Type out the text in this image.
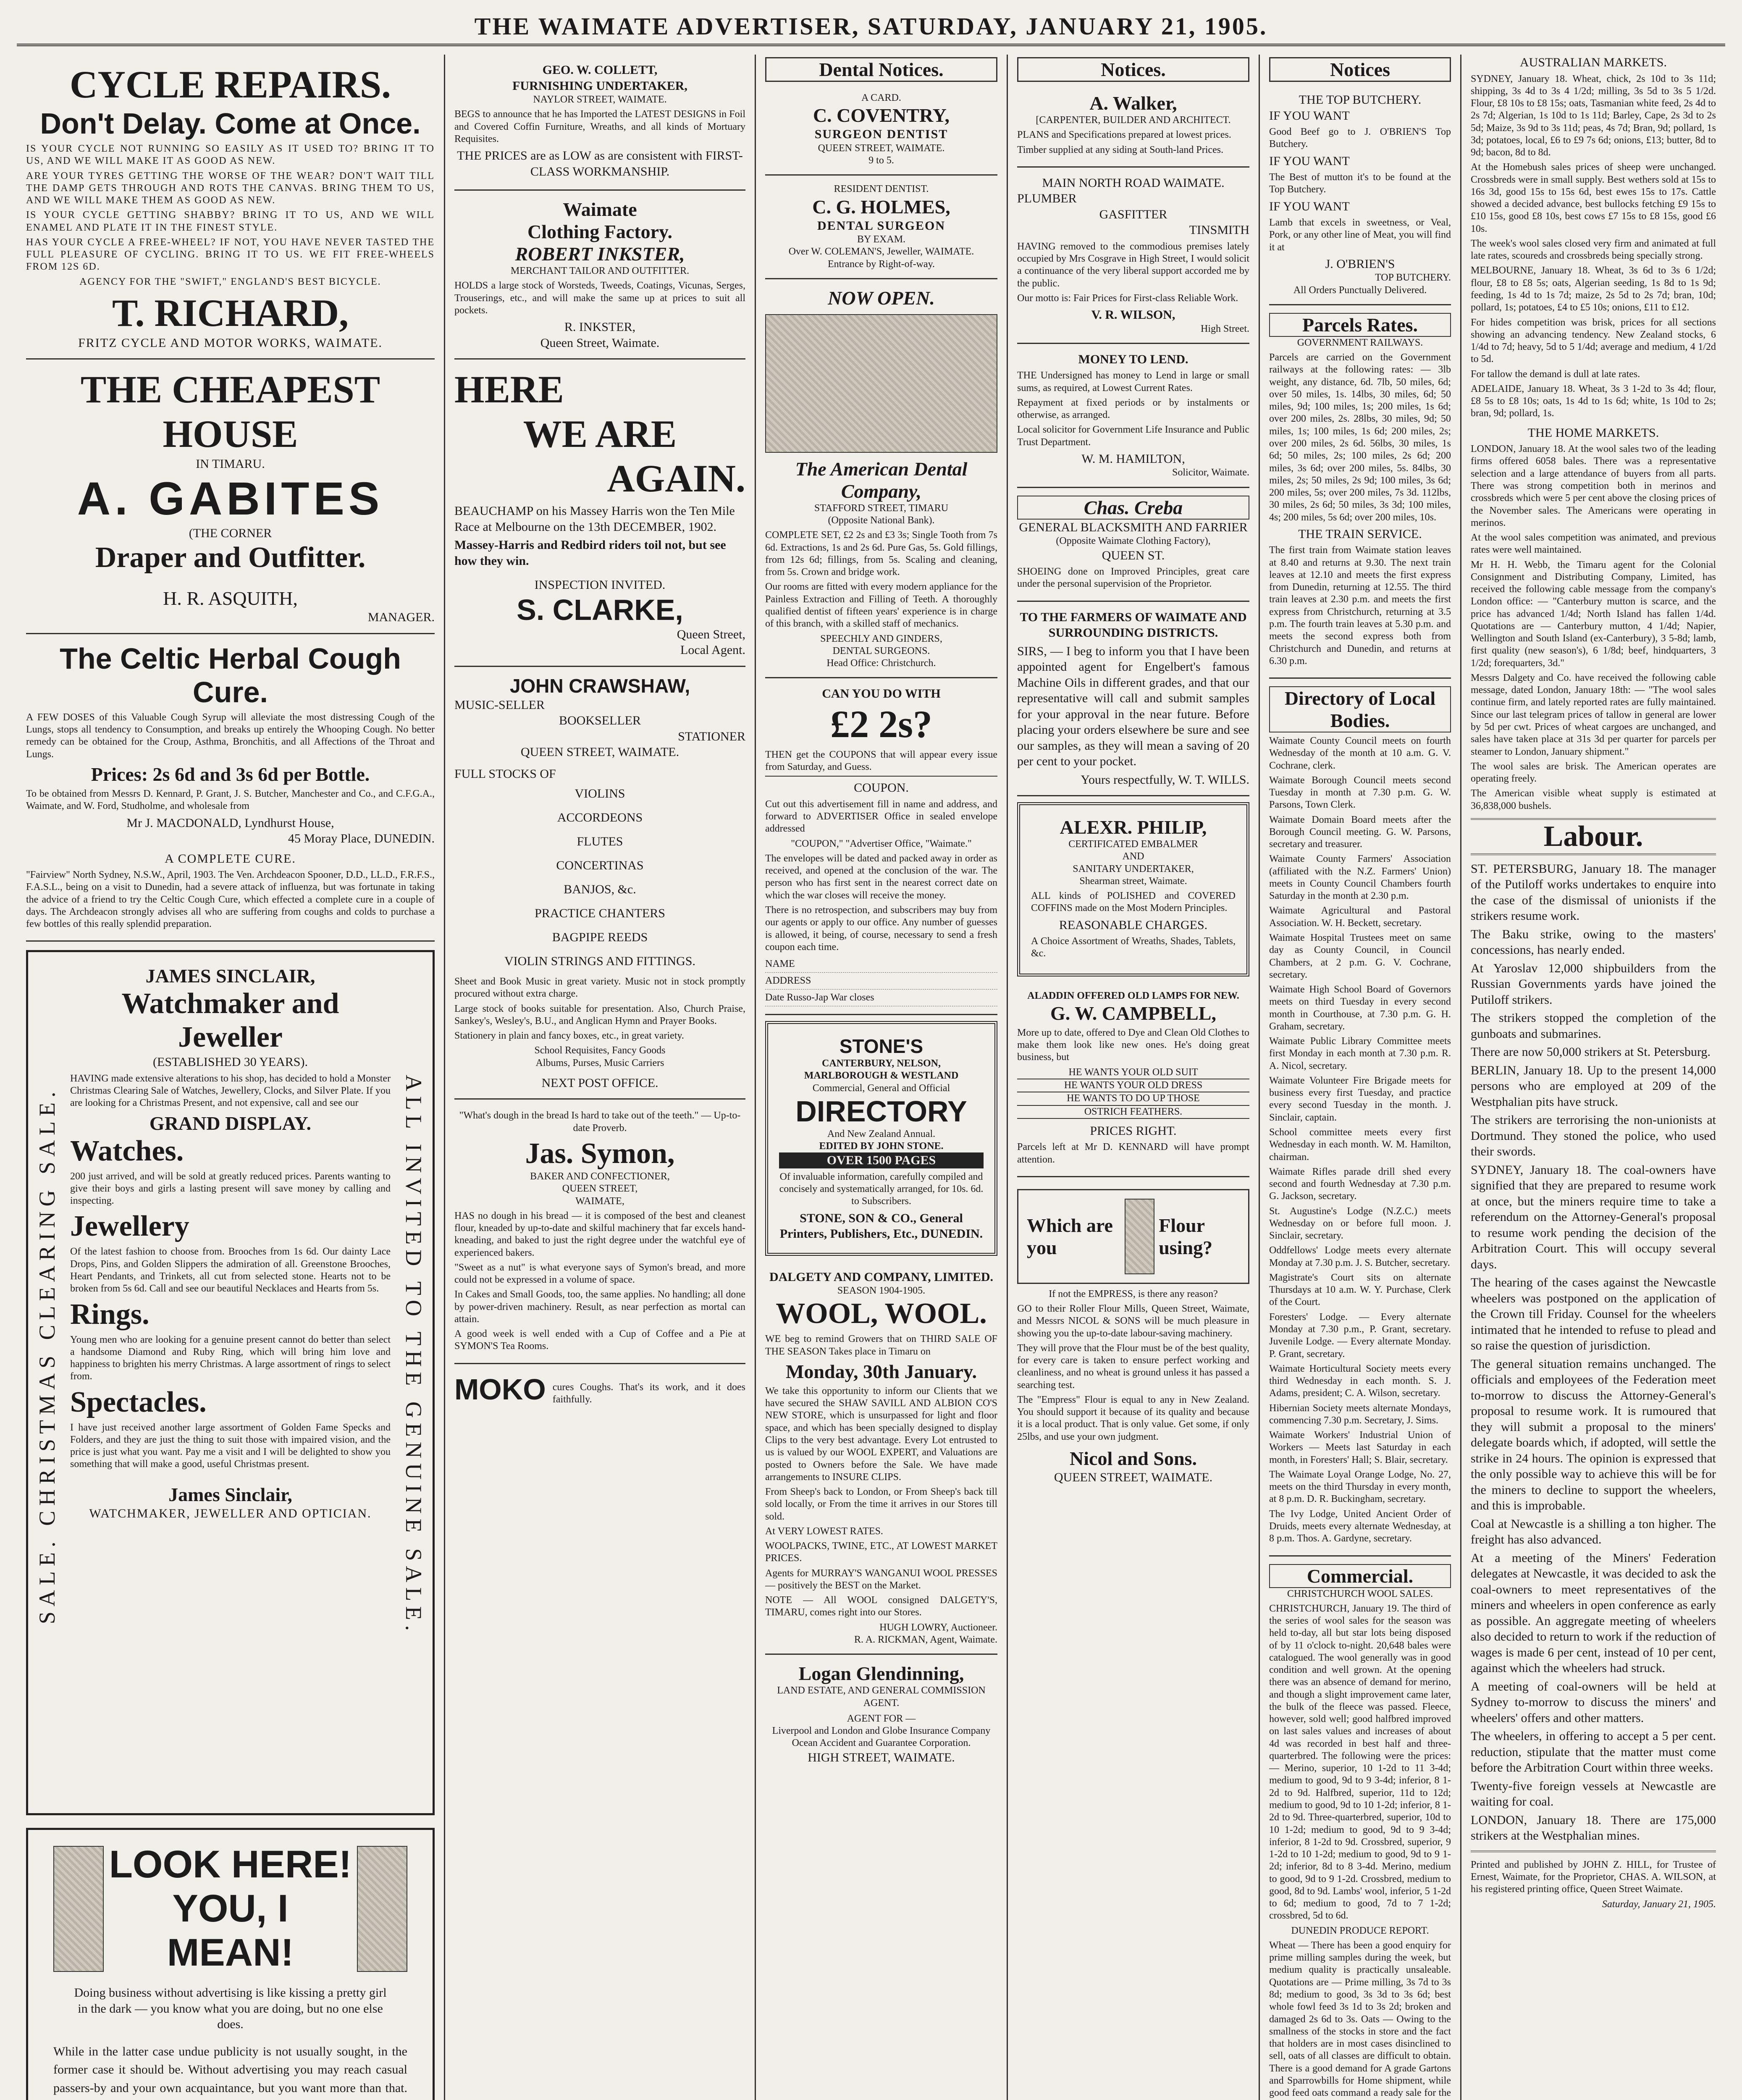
THE WAIMATE ADVERTISER, SATURDAY, JANUARY 21, 1905.
CYCLE REPAIRS.
Don't Delay. Come at Once.

IS YOUR CYCLE NOT RUNNING SO EASILY AS IT USED TO? BRING IT TO US, AND WE WILL MAKE IT AS GOOD AS NEW.

ARE YOUR TYRES GETTING THE WORSE OF THE WEAR? DON'T WAIT TILL THE DAMP GETS THROUGH AND ROTS THE CANVAS. BRING THEM TO US, AND WE WILL MAKE THEM AS GOOD AS NEW.

IS YOUR CYCLE GETTING SHABBY? BRING IT TO US, AND WE WILL ENAMEL AND PLATE IT IN THE FINEST STYLE.

HAS YOUR CYCLE A FREE-WHEEL? IF NOT, YOU HAVE NEVER TASTED THE FULL PLEASURE OF CYCLING. BRING IT TO US. WE FIT FREE-WHEELS FROM 12S 6D.

AGENCY FOR THE "SWIFT," ENGLAND'S BEST BICYCLE.

T. RICHARD,
FRITZ CYCLE AND MOTOR WORKS, WAIMATE.
THE CHEAPEST HOUSE
IN TIMARU.
A. GABITES
(THE CORNER
Draper and Outfitter.
H. R. ASQUITH,
MANAGER.
The Celtic Herbal Cough Cure.

A FEW DOSES of this Valuable Cough Syrup will alleviate the most distressing Cough of the Lungs, stops all tendency to Consumption, and breaks up entirely the Whooping Cough. No better remedy can be obtained for the Croup, Asthma, Bronchitis, and all Affections of the Throat and Lungs.

Prices: 2s 6d and 3s 6d per Bottle.

To be obtained from Messrs D. Kennard, P. Grant, J. S. Butcher, Manchester and Co., and C.F.G.A., Waimate, and W. Ford, Studholme, and wholesale from

Mr J. MACDONALD, Lyndhurst House,
45 Moray Place, DUNEDIN.
A COMPLETE CURE.

"Fairview" North Sydney, N.S.W., April, 1903. The Ven. Archdeacon Spooner, D.D., LL.D., F.R.F.S., F.A.S.L., being on a visit to Dunedin, had a severe attack of influenza, but was fortunate in taking the advice of a friend to try the Celtic Cough Cure, which effected a complete cure in a couple of days. The Archdeacon strongly advises all who are suffering from coughs and colds to purchase a few bottles of this really splendid preparation.

SALE. CHRISTMAS CLEARING SALE.	ALL INVITED TO THE GENUINE SALE.
JAMES SINCLAIR,
Watchmaker and Jeweller
(ESTABLISHED 30 YEARS).

HAVING made extensive alterations to his shop, has decided to hold a Monster Christmas Clearing Sale of Watches, Jewellery, Clocks, and Silver Plate. If you are looking for a Christmas Present, and not expensive, call and see our

GRAND DISPLAY.
Watches.

200 just arrived, and will be sold at greatly reduced prices. Parents wanting to give their boys and girls a lasting present will save money by calling and inspecting.

Jewellery

Of the latest fashion to choose from. Brooches from 1s 6d. Our dainty Lace Drops, Pins, and Golden Slippers the admiration of all. Greenstone Brooches, Heart Pendants, and Trinkets, all cut from selected stone. Hearts not to be broken from 5s 6d. Call and see our beautiful Necklaces and Hearts from 5s.

Rings.

Young men who are looking for a genuine present cannot do better than select a handsome Diamond and Ruby Ring, which will bring him love and happiness to brighten his merry Christmas. A large assortment of rings to select from.

Spectacles.

I have just received another large assortment of Golden Fame Specks and Folders, and they are just the thing to suit those with impaired vision, and the price is just what you want. Pay me a visit and I will be delighted to show you something that will make a good, useful Christmas present.

James Sinclair,
WATCHMAKER, JEWELLER AND OPTICIAN.
LOOK HERE!
YOU, I MEAN!

Doing business without advertising is like kissing a pretty girl in the dark — you know what you are doing, but no one else does.

While in the latter case undue publicity is not usually sought, in the former case it should be. Without advertising you may reach casual passers-by and your own acquaintance, but you want more than that.

GEO. W. COLLETT,
FURNISHING UNDERTAKER,
NAYLOR STREET, WAIMATE.

BEGS to announce that he has Imported the LATEST DESIGNS in Foil and Covered Coffin Furniture, Wreaths, and all kinds of Mortuary Requisites.

THE PRICES are as LOW as are consistent with FIRST-CLASS WORKMANSHIP.

Waimate
Clothing Factory.
ROBERT INKSTER,
MERCHANT TAILOR AND OUTFITTER.

HOLDS a large stock of Worsteds, Tweeds, Coatings, Vicunas, Serges, Trouserings, etc., and will make the same up at prices to suit all pockets.

R. INKSTER,
Queen Street, Waimate.
HERE
WE ARE
AGAIN.

BEAUCHAMP on his Massey Harris won the Ten Mile Race at Melbourne on the 13th DECEMBER, 1902.

Massey-Harris and Redbird riders toil not, but see how they win.

INSPECTION INVITED.
S. CLARKE,
Queen Street,
Local Agent.
JOHN CRAWSHAW,
MUSIC-SELLER
BOOKSELLER
STATIONER
QUEEN STREET, WAIMATE.
FULL STOCKS OF
VIOLINS
ACCORDEONS
FLUTES
CONCERTINAS
BANJOS, &c.
PRACTICE CHANTERS
BAGPIPE REEDS
VIOLIN STRINGS AND FITTINGS.

Sheet and Book Music in great variety. Music not in stock promptly procured without extra charge.

Large stock of books suitable for presentation. Also, Church Praise, Sankey's, Wesley's, B.U., and Anglican Hymn and Prayer Books.

Stationery in plain and fancy boxes, etc., in great variety.

School Requisites, Fancy Goods
Albums, Purses, Music Carriers
NEXT POST OFFICE.

"What's dough in the bread Is hard to take out of the teeth." — Up-to-date Proverb.

Jas. Symon,
BAKER AND CONFECTIONER,
QUEEN STREET,
WAIMATE,

HAS no dough in his bread — it is composed of the best and cleanest flour, kneaded by up-to-date and skilful machinery that far excels hand-kneading, and baked to just the right degree under the watchful eye of experienced bakers.

"Sweet as a nut" is what everyone says of Symon's bread, and more could not be expressed in a volume of space.

In Cakes and Small Goods, too, the same applies. No handling; all done by power-driven machinery. Result, as near perfection as mortal can attain.

A good week is well ended with a Cup of Coffee and a Pie at SYMON'S Tea Rooms.

MOKO cures Coughs. That's its work, and it does faithfully.
Dental Notices.
A CARD.
C. COVENTRY,
SURGEON DENTIST
QUEEN STREET, WAIMATE.
9 to 5.
RESIDENT DENTIST.
C. G. HOLMES,
DENTAL SURGEON
BY EXAM.
Over W. COLEMAN'S, Jeweller, WAIMATE.
Entrance by Right-of-way.
NOW OPEN.
The American Dental Company,
STAFFORD STREET, TIMARU
(Opposite National Bank).

COMPLETE SET, £2 2s and £3 3s; Single Tooth from 7s 6d. Extractions, 1s and 2s 6d. Pure Gas, 5s. Gold fillings, from 12s 6d; fillings, from 5s. Scaling and cleaning, from 5s. Crown and bridge work.

Our rooms are fitted with every modern appliance for the Painless Extraction and Filling of Teeth. A thoroughly qualified dentist of fifteen years' experience is in charge of this branch, with a skilled staff of mechanics.

SPEECHLY AND GINDERS,
DENTAL SURGEONS.
Head Office: Christchurch.
CAN YOU DO WITH
£2 2s?

THEN get the COUPONS that will appear every issue from Saturday, and Guess.

COUPON.

Cut out this advertisement fill in name and address, and forward to ADVERTISER Office in sealed envelope addressed

"COUPON," "Advertiser Office, "Waimate."

The envelopes will be dated and packed away in order as received, and opened at the conclusion of the war. The person who has first sent in the nearest correct date on which the war closes will receive the money.

There is no retrospection, and subscribers may buy from our agents or apply to our office. Any number of guesses is allowed, it being, of course, necessary to send a fresh coupon each time.

NAME
ADDRESS
Date Russo-Jap War closes
STONE'S
CANTERBURY, NELSON, MARLBOROUGH & WESTLAND
Commercial, General and Official
DIRECTORY
And New Zealand Annual.
EDITED BY JOHN STONE.
OVER 1500 PAGES

Of invaluable information, carefully compiled and concisely and systematically arranged, for 10s. 6d. to Subscribers.

STONE, SON & CO., General Printers, Publishers, Etc., DUNEDIN.
DALGETY AND COMPANY, LIMITED.
SEASON 1904-1905.
WOOL, WOOL.

WE beg to remind Growers that on THIRD SALE OF THE SEASON Takes place in Timaru on

Monday, 30th January.

We take this opportunity to inform our Clients that we have secured the SHAW SAVILL AND ALBION CO'S NEW STORE, which is unsurpassed for light and floor space, and which has been specially designed to display Clips to the very best advantage. Every Lot entrusted to us is valued by our WOOL EXPERT, and Valuations are posted to Owners before the Sale. We have made arrangements to INSURE CLIPS.

From Sheep's back to London, or From Sheep's back till sold locally, or From the time it arrives in our Stores till sold.

At VERY LOWEST RATES.

WOOLPACKS, TWINE, ETC., AT LOWEST MARKET PRICES.

Agents for MURRAY'S WANGANUI WOOL PRESSES — positively the BEST on the Market.

NOTE — All WOOL consigned DALGETY'S, TIMARU, comes right into our Stores.

HUGH LOWRY, Auctioneer.
R. A. RICKMAN, Agent, Waimate.
Logan Glendinning,
LAND ESTATE, AND GENERAL COMMISSION AGENT.
AGENT FOR —
Liverpool and London and Globe Insurance Company
Ocean Accident and Guarantee Corporation.
HIGH STREET, WAIMATE.
Notices.
A. Walker,
[CARPENTER, BUILDER AND ARCHITECT.

PLANS and Specifications prepared at lowest prices.

Timber supplied at any siding at South-land Prices.

MAIN NORTH ROAD WAIMATE.
PLUMBER
GASFITTER
TINSMITH

HAVING removed to the commodious premises lately occupied by Mrs Cosgrave in High Street, I would solicit a continuance of the very liberal support accorded me by the public.

Our motto is: Fair Prices for First-class Reliable Work.

V. R. WILSON,
High Street.
MONEY TO LEND.

THE Undersigned has money to Lend in large or small sums, as required, at Lowest Current Rates.

Repayment at fixed periods or by instalments or otherwise, as arranged.

Local solicitor for Government Life Insurance and Public Trust Department.

W. M. HAMILTON,
Solicitor, Waimate.
Chas. Creba
GENERAL BLACKSMITH AND FARRIER
(Opposite Waimate Clothing Factory),
QUEEN ST.

SHOEING done on Improved Principles, great care under the personal supervision of the Proprietor.

TO THE FARMERS OF WAIMATE AND SURROUNDING DISTRICTS.

SIRS, — I beg to inform you that I have been appointed agent for Engelbert's famous Machine Oils in different grades, and that our representative will call and submit samples for your approval in the near future. Before placing your orders elsewhere be sure and see our samples, as they will mean a saving of 20 per cent to your pocket.

Yours respectfully, W. T. WILLS.
ALEXR. PHILIP,
CERTIFICATED EMBALMER
AND
SANITARY UNDERTAKER,
Shearman street, Waimate.

ALL kinds of POLISHED and COVERED COFFINS made on the Most Modern Principles.

REASONABLE CHARGES.

A Choice Assortment of Wreaths, Shades, Tablets, &c.

ALADDIN OFFERED OLD LAMPS FOR NEW.
G. W. CAMPBELL,

More up to date, offered to Dye and Clean Old Clothes to make them look like new ones. He's doing great business, but

HE WANTS YOUR OLD SUIT
HE WANTS YOUR OLD DRESS
HE WANTS TO DO UP THOSE
OSTRICH FEATHERS.
PRICES RIGHT.

Parcels left at Mr D. KENNARD will have prompt attention.

Which are you
Flour using?
If not the EMPRESS, is there any reason?

GO to their Roller Flour Mills, Queen Street, Waimate, and Messrs NICOL & SONS will be much pleasure in showing you the up-to-date labour-saving machinery.

They will prove that the Flour must be of the best quality, for every care is taken to ensure perfect working and cleanliness, and no wheat is ground unless it has passed a searching test.

The "Empress" Flour is equal to any in New Zealand. You should support it because of its quality and because it is a local product. That is only value. Get some, if only 25lbs, and use your own judgment.

Nicol and Sons.
QUEEN STREET, WAIMATE.
Notices
THE TOP BUTCHERY.
IF YOU WANT

Good Beef go to J. O'BRIEN'S Top Butchery.

IF YOU WANT

The Best of mutton it's to be found at the Top Butchery.

IF YOU WANT

Lamb that excels in sweetness, or Veal, Pork, or any other line of Meat, you will find it at

J. O'BRIEN'S
TOP BUTCHERY.
All Orders Punctually Delivered.
Parcels Rates.
GOVERNMENT RAILWAYS.

Parcels are carried on the Government railways at the following rates: — 3lb weight, any distance, 6d. 7lb, 50 miles, 6d; over 50 miles, 1s. 14lbs, 30 miles, 6d; 50 miles, 9d; 100 miles, 1s; 200 miles, 1s 6d; over 200 miles, 2s. 28lbs, 30 miles, 9d; 50 miles, 1s; 100 miles, 1s 6d; 200 miles, 2s; over 200 miles, 2s 6d. 56lbs, 30 miles, 1s 6d; 50 miles, 2s; 100 miles, 2s 6d; 200 miles, 3s 6d; over 200 miles, 5s. 84lbs, 30 miles, 2s; 50 miles, 2s 9d; 100 miles, 3s 6d; 200 miles, 5s; over 200 miles, 7s 3d. 112lbs, 30 miles, 2s 6d; 50 miles, 3s 3d; 100 miles, 4s; 200 miles, 5s 6d; over 200 miles, 10s.

THE TRAIN SERVICE.

The first train from Waimate station leaves at 8.40 and returns at 9.30. The next train leaves at 12.10 and meets the first express from Dunedin, returning at 12.55. The third train leaves at 2.30 p.m. and meets the first express from Christchurch, returning at 3.5 p.m. The fourth train leaves at 5.30 p.m. and meets the second express both from Christchurch and Dunedin, and returns at 6.30 p.m.

Directory of Local Bodies.

Waimate County Council meets on fourth Wednesday of the month at 10 a.m. G. V. Cochrane, clerk.

Waimate Borough Council meets second Tuesday in month at 7.30 p.m. G. W. Parsons, Town Clerk.

Waimate Domain Board meets after the Borough Council meeting. G. W. Parsons, secretary and treasurer.

Waimate County Farmers' Association (affiliated with the N.Z. Farmers' Union) meets in County Council Chambers fourth Saturday in the month at 2.30 p.m.

Waimate Agricultural and Pastoral Association. W. H. Beckett, secretary.

Waimate Hospital Trustees meet on same day as County Council, in Council Chambers, at 2 p.m. G. V. Cochrane, secretary.

Waimate High School Board of Governors meets on third Tuesday in every second month in Courthouse, at 7.30 p.m. G. H. Graham, secretary.

Waimate Public Library Committee meets first Monday in each month at 7.30 p.m. R. A. Nicol, secretary.

Waimate Volunteer Fire Brigade meets for business every first Tuesday, and practice every second Tuesday in the month. J. Sinclair, captain.

School committee meets every first Wednesday in each month. W. M. Hamilton, chairman.

Waimate Rifles parade drill shed every second and fourth Wednesday at 7.30 p.m. G. Jackson, secretary.

St. Augustine's Lodge (N.Z.C.) meets Wednesday on or before full moon. J. Sinclair, secretary.

Oddfellows' Lodge meets every alternate Monday at 7.30 p.m. J. S. Butcher, secretary.

Magistrate's Court sits on alternate Thursdays at 10 a.m. W. Y. Purchase, Clerk of the Court.

Foresters' Lodge. — Every alternate Monday at 7.30 p.m., P. Grant, secretary. Juvenile Lodge. — Every alternate Monday. P. Grant, secretary.

Waimate Horticultural Society meets every third Wednesday in each month. S. J. Adams, president; C. A. Wilson, secretary.

Hibernian Society meets alternate Mondays, commencing 7.30 p.m. Secretary, J. Sims.

Waimate Workers' Industrial Union of Workers — Meets last Saturday in each month, in Foresters' Hall; S. Blair, secretary.

The Waimate Loyal Orange Lodge, No. 27, meets on the third Thursday in every month, at 8 p.m. D. R. Buckingham, secretary.

The Ivy Lodge, United Ancient Order of Druids, meets every alternate Wednesday, at 8 p.m. Thos. A. Gardyne, secretary.

Commercial.
CHRISTCHURCH WOOL SALES.

CHRISTCHURCH, January 19. The third of the series of wool sales for the season was held to-day, all but star lots being disposed of by 11 o'clock to-night. 20,648 bales were catalogued. The wool generally was in good condition and well grown. At the opening there was an absence of demand for merino, and though a slight improvement came later, the bulk of the fleece was passed. Fleece, however, sold well; good halfbred improved on last sales values and increases of about 4d was recorded in best half and three-quarterbred. The following were the prices: — Merino, superior, 10 1-2d to 11 3-4d; medium to good, 9d to 9 3-4d; inferior, 8 1-2d to 9d. Halfbred, superior, 11d to 12d; medium to good, 9d to 10 1-2d; inferior, 8 1-2d to 9d. Three-quarterbred, superior, 10d to 10 1-2d; medium to good, 9d to 9 3-4d; inferior, 8 1-2d to 9d. Crossbred, superior, 9 1-2d to 10 1-2d; medium to good, 9d to 9 1-2d; inferior, 8d to 8 3-4d. Merino, medium to good, 9d to 9 1-2d. Crossbred, medium to good, 8d to 9d. Lambs' wool, inferior, 5 1-2d to 6d; medium to good, 7d to 7 1-2d; crossbred, 5d to 6d.

DUNEDIN PRODUCE REPORT.

Wheat — There has been a good enquiry for prime milling samples during the week, but medium quality is practically unsaleable. Quotations are — Prime milling, 3s 7d to 3s 8d; medium to good, 3s 3d to 3s 6d; best whole fowl feed 3s 1d to 3s 2d; broken and damaged 2s 6d to 3s. Oats — Owing to the smallness of the stocks in store and the fact that holders are in most cases disinclined to sell, oats of all classes are difficult to obtain. There is a good demand for A grade Gartons and Sparrowbills for Home shipment, while good feed oats command a ready sale for the

AUSTRALIAN MARKETS.

SYDNEY, January 18. Wheat, chick, 2s 10d to 3s 11d; shipping, 3s 4d to 3s 4 1/2d; milling, 3s 5d to 3s 5 1/2d. Flour, £8 10s to £8 15s; oats, Tasmanian white feed, 2s 4d to 2s 7d; Algerian, 1s 10d to 1s 11d; Barley, Cape, 2s 3d to 2s 5d; Maize, 3s 9d to 3s 11d; peas, 4s 7d; Bran, 9d; pollard, 1s 3d; potatoes, local, £6 to £9 7s 6d; onions, £13; butter, 8d to 9d; bacon, 8d to 8d.

At the Homebush sales prices of sheep were unchanged. Crossbreds were in small supply. Best wethers sold at 15s to 16s 3d, good 15s to 15s 6d, best ewes 15s to 17s. Cattle showed a decided advance, best bullocks fetching £9 15s to £10 15s, good £8 10s, best cows £7 15s to £8 15s, good £6 10s.

The week's wool sales closed very firm and animated at full late rates, scoureds and crossbreds being specially strong.

MELBOURNE, January 18. Wheat, 3s 6d to 3s 6 1/2d; flour, £8 to £8 5s; oats, Algerian seeding, 1s 8d to 1s 9d; feeding, 1s 4d to 1s 7d; maize, 2s 5d to 2s 7d; bran, 10d; pollard, 1s; potatoes, £4 to £5 10s; onions, £11 to £12.

For hides competition was brisk, prices for all sections showing an advancing tendency. New Zealand stocks, 6 1/4d to 7d; heavy, 5d to 5 1/4d; average and medium, 4 1/2d to 5d.

For tallow the demand is dull at late rates.

ADELAIDE, January 18. Wheat, 3s 3 1-2d to 3s 4d; flour, £8 5s to £8 10s; oats, 1s 4d to 1s 6d; white, 1s 10d to 2s; bran, 9d; pollard, 1s.

THE HOME MARKETS.

LONDON, January 18. At the wool sales two of the leading firms offered 6058 bales. There was a representative selection and a large attendance of buyers from all parts. There was strong competition both in merinos and crossbreds which were 5 per cent above the closing prices of the November sales. The Americans were operating in merinos.

At the wool sales competition was animated, and previous rates were well maintained.

Mr H. H. Webb, the Timaru agent for the Colonial Consignment and Distributing Company, Limited, has received the following cable message from the company's London office: — "Canterbury mutton is scarce, and the price has advanced 1/4d; North Island has fallen 1/4d. Quotations are — Canterbury mutton, 4 1/4d; Napier, Wellington and South Island (ex-Canterbury), 3 5-8d; lamb, first quality (new season's), 6 1/8d; beef, hindquarters, 3 1/2d; forequarters, 3d."

Messrs Dalgety and Co. have received the following cable message, dated London, January 18th: — "The wool sales continue firm, and lately reported rates are fully maintained. Since our last telegram prices of tallow in general are lower by 5d per cwt. Prices of wheat cargoes are unchanged, and sales have taken place at 31s 3d per quarter for parcels per steamer to London, January shipment."

The wool sales are brisk. The American operates are operating freely.

The American visible wheat supply is estimated at 36,838,000 bushels.

Labour.

ST. PETERSBURG, January 18. The manager of the Putiloff works undertakes to enquire into the case of the dismissal of unionists if the strikers resume work.

The Baku strike, owing to the masters' concessions, has nearly ended.

At Yaroslav 12,000 shipbuilders from the Russian Governments yards have joined the Putiloff strikers.

The strikers stopped the completion of the gunboats and submarines.

There are now 50,000 strikers at St. Petersburg.

BERLIN, January 18. Up to the present 14,000 persons who are employed at 209 of the Westphalian pits have struck.

The strikers are terrorising the non-unionists at Dortmund. They stoned the police, who used their swords.

SYDNEY, January 18. The coal-owners have signified that they are prepared to resume work at once, but the miners require time to take a referendum on the Attorney-General's proposal to resume work pending the decision of the Arbitration Court. This will occupy several days.

The hearing of the cases against the Newcastle wheelers was postponed on the application of the Crown till Friday. Counsel for the wheelers intimated that he intended to refuse to plead and so raise the question of jurisdiction.

The general situation remains unchanged. The officials and employees of the Federation meet to-morrow to discuss the Attorney-General's proposal to resume work. It is rumoured that they will submit a proposal to the miners' delegate boards which, if adopted, will settle the strike in 24 hours. The opinion is expressed that the only possible way to achieve this will be for the miners to decline to support the wheelers, and this is improbable.

Coal at Newcastle is a shilling a ton higher. The freight has also advanced.

At a meeting of the Miners' Federation delegates at Newcastle, it was decided to ask the coal-owners to meet representatives of the miners and wheelers in open conference as early as possible. An aggregate meeting of wheelers also decided to return to work if the reduction of wages is made 6 per cent, instead of 10 per cent, against which the wheelers had struck.

A meeting of coal-owners will be held at Sydney to-morrow to discuss the miners' and wheelers' offers and other matters.

The wheelers, in offering to accept a 5 per cent. reduction, stipulate that the matter must come before the Arbitration Court within three weeks.

Twenty-five foreign vessels at Newcastle are waiting for coal.

LONDON, January 18. There are 175,000 strikers at the Westphalian mines.

Printed and published by JOHN Z. HILL, for Trustee of Ernest, Waimate, for the Proprietor, CHAS. A. WILSON, at his registered printing office, Queen Street Waimate.

Saturday, January 21, 1905.
